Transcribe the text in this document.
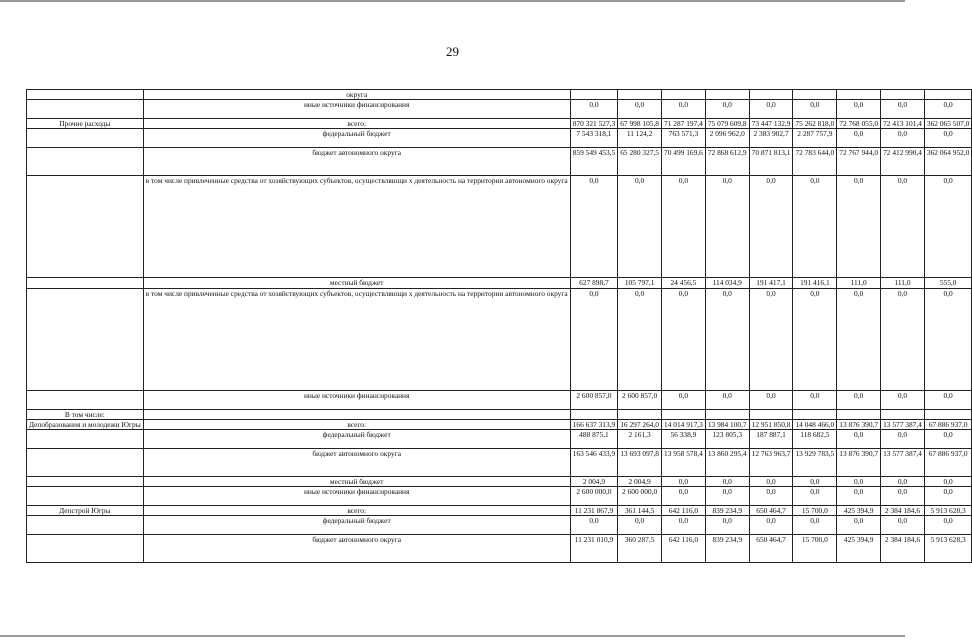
29
	округа									
	иные источники финансирования	0,0	0,0	0,0	0,0	0,0	0,0	0,0	0,0	0,0
Прочие расходы	всего:	870 321 527,3	67 998 105,8	71 287 197,4	75 079 609,8	73 447 132,9	75 262 818,0	72 768 055,0	72 413 101,4	362 065 507,0
	федеральный бюджет	7 543 318,1	11 124,2	763 571,3	2 096 962,0	2 383 902,7	2 287 757,9	0,0	0,0	0,0
	бюджет автономного округа	859 549 453,5	65 280 327,5	70 499 169,6	72 868 612,9	70 871 813,1	72 783 644,0	72 767 944,0	72 412 990,4	362 064 952,0
	в том числе привлеченные средства от хозяйствующих субъектов, осуществляющи х деятельность на территории автономного округа	0,0	0,0	0,0	0,0	0,0	0,0	0,0	0,0	0,0
	местный бюджет	627 898,7	105 797,1	24 456,5	114 034,9	191 417,1	191 416,1	111,0	111,0	555,0
	в том числе привлеченные средства от хозяйствующих субъектов, осуществляющи х деятельность на территории автономного округа	0,0	0,0	0,0	0,0	0,0	0,0	0,0	0,0	0,0
	иные источники финансирования	2 600 857,0	2 600 857,0	0,0	0,0	0,0	0,0	0,0	0,0	0,0
В том числе:										
Депобразования и молодежи Югры	всего:	166 637 313,9	16 297 264,0	14 014 917,3	13 984 100,7	12 951 850,8	14 048 466,0	13 876 390,7	13 577 387,4	67 886 937,0
	федеральный бюджет	488 875,1	2 161,3	56 338,9	123 805,3	187 887,1	118 682,5	0,0	0,0	0,0
	бюджет автономного округа	163 546 433,9	13 693 097,8	13 958 578,4	13 860 295,4	12 763 963,7	13 929 783,5	13 876 390,7	13 577 387,4	67 886 937,0
	местный бюджет	2 004,9	2 004,9	0,0	0,0	0,0	0,0	0,0	0,0	0,0
	иные источники финансирования	2 600 000,0	2 600 000,0	0,0	0,0	0,0	0,0	0,0	0,0	0,0
Депстрой Югры	всего:	11 231 867,9	361 144,5	642 116,0	839 234,9	650 464,7	15 700,0	425 394,9	2 384 184,6	5 913 628,3
	федеральный бюджет	0,0	0,0	0,0	0,0	0,0	0,0	0,0	0,0	0,0
	бюджет автономного округа	11 231 010,9	360 287,5	642 116,0	839 234,9	650 464,7	15 700,0	425 394,9	2 384 184,6	5 913 628,3
